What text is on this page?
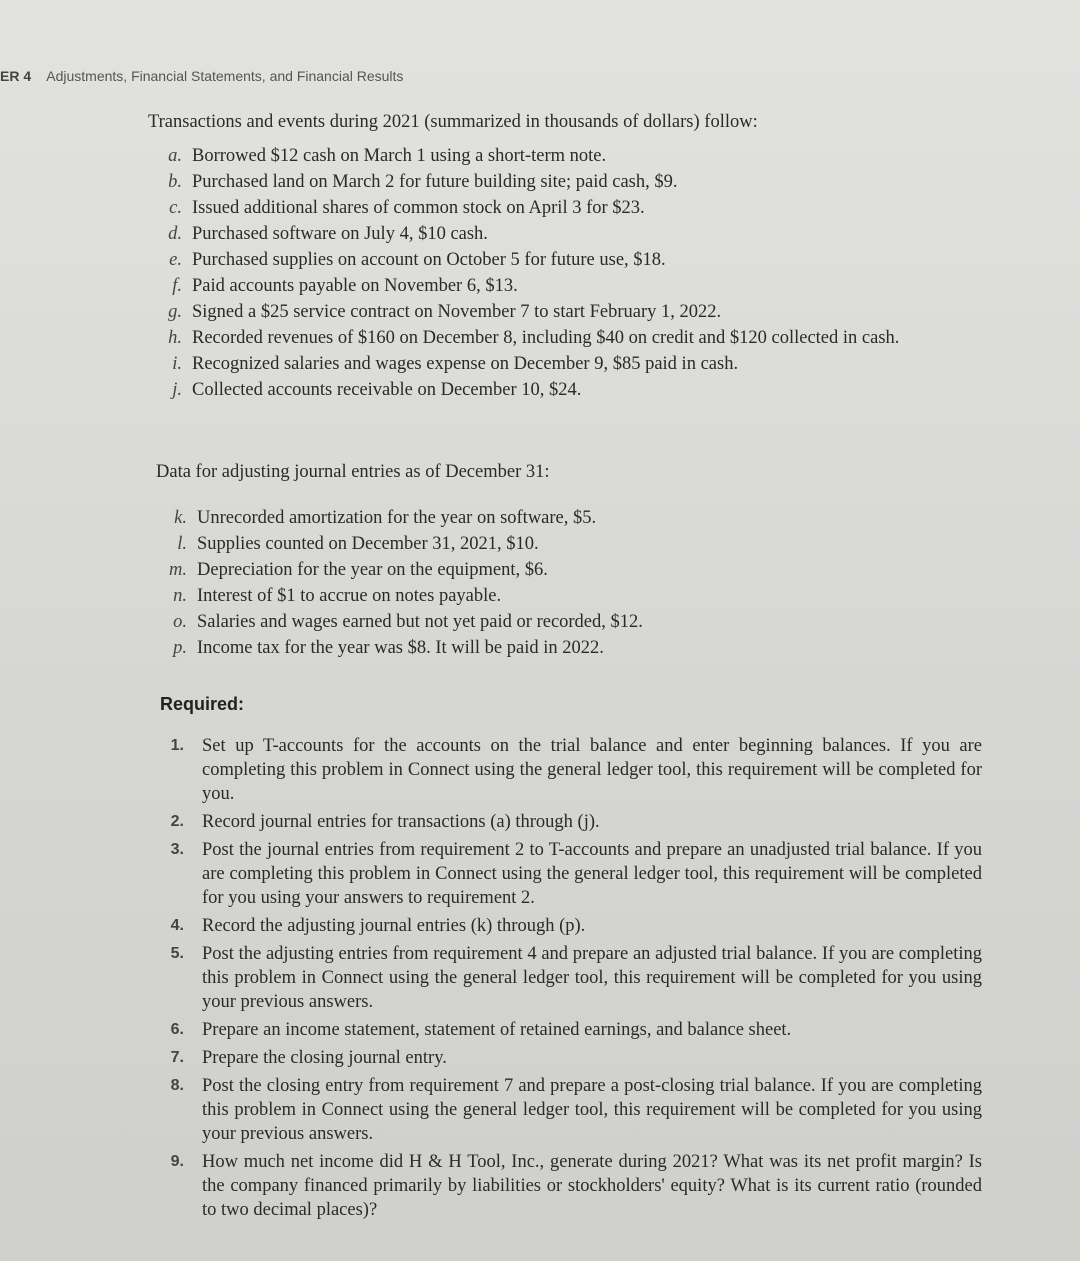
ER 4 Adjustments, Financial Statements, and Financial Results
Transactions and events during 2021 (summarized in thousands of dollars) follow:
a. Borrowed $12 cash on March 1 using a short-term note.
b. Purchased land on March 2 for future building site; paid cash, $9.
c. Issued additional shares of common stock on April 3 for $23.
d. Purchased software on July 4, $10 cash.
e. Purchased supplies on account on October 5 for future use, $18.
f. Paid accounts payable on November 6, $13.
g. Signed a $25 service contract on November 7 to start February 1, 2022.
h. Recorded revenues of $160 on December 8, including $40 on credit and $120 collected in cash.
i. Recognized salaries and wages expense on December 9, $85 paid in cash.
j. Collected accounts receivable on December 10, $24.
Data for adjusting journal entries as of December 31:
k. Unrecorded amortization for the year on software, $5.
l. Supplies counted on December 31, 2021, $10.
m. Depreciation for the year on the equipment, $6.
n. Interest of $1 to accrue on notes payable.
o. Salaries and wages earned but not yet paid or recorded, $12.
p. Income tax for the year was $8. It will be paid in 2022.
Required:
1. Set up T-accounts for the accounts on the trial balance and enter beginning balances. If you are completing this problem in Connect using the general ledger tool, this requirement will be completed for you.
2. Record journal entries for transactions (a) through (j).
3. Post the journal entries from requirement 2 to T-accounts and prepare an unadjusted trial balance. If you are completing this problem in Connect using the general ledger tool, this requirement will be completed for you using your answers to requirement 2.
4. Record the adjusting journal entries (k) through (p).
5. Post the adjusting entries from requirement 4 and prepare an adjusted trial balance. If you are completing this problem in Connect using the general ledger tool, this requirement will be completed for you using your previous answers.
6. Prepare an income statement, statement of retained earnings, and balance sheet.
7. Prepare the closing journal entry.
8. Post the closing entry from requirement 7 and prepare a post-closing trial balance. If you are completing this problem in Connect using the general ledger tool, this requirement will be completed for you using your previous answers.
9. How much net income did H & H Tool, Inc., generate during 2021? What was its net profit margin? Is the company financed primarily by liabilities or stockholders' equity? What is its current ratio (rounded to two decimal places)?
